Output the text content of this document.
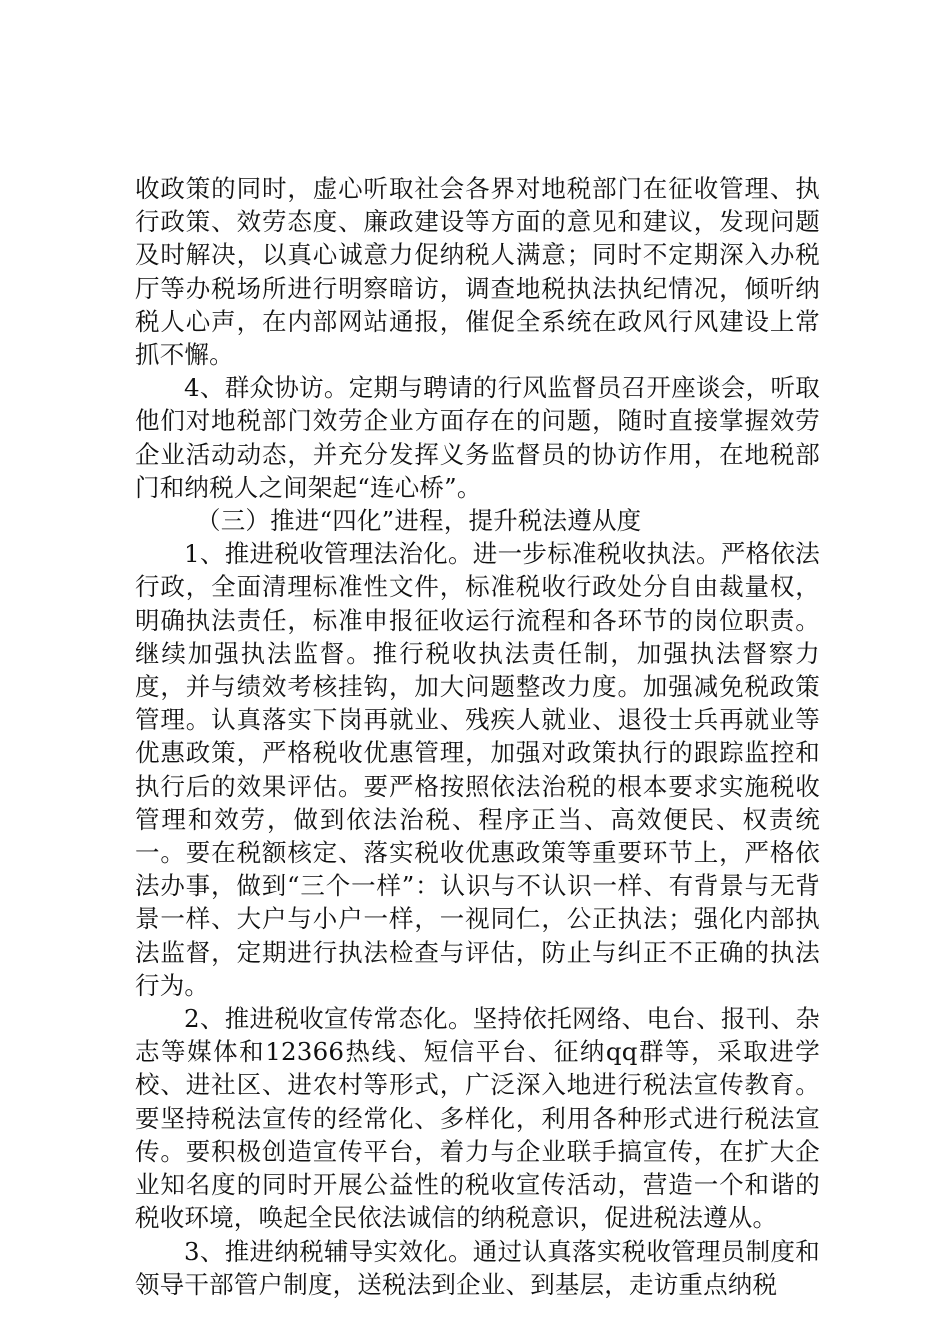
收政策的同时，虚心听取社会各界对地税部门在征收管理、执行政策、效劳态度、廉政建设等方面的意见和建议，发现问题及时解决，以真心诚意力促纳税人满意；同时不定期深入办税厅等办税场所进行明察暗访，调查地税执法执纪情况，倾听纳税人心声，在内部网站通报，催促全系统在政风行风建设上常抓不懈。

4、群众协访。定期与聘请的行风监督员召开座谈会，听取他们对地税部门效劳企业方面存在的问题，随时直接掌握效劳企业活动动态，并充分发挥义务监督员的协访作用，在地税部门和纳税人之间架起“连心桥”。

（三）推进“四化”进程，提升税法遵从度

1、推进税收管理法治化。进一步标准税收执法。严格依法行政，全面清理标准性文件，标准税收行政处分自由裁量权，明确执法责任，标准申报征收运行流程和各环节的岗位职责。继续加强执法监督。推行税收执法责任制，加强执法督察力度，并与绩效考核挂钩，加大问题整改力度。加强减免税政策管理。认真落实下岗再就业、残疾人就业、退役士兵再就业等优惠政策，严格税收优惠管理，加强对政策执行的跟踪监控和执行后的效果评估。要严格按照依法治税的根本要求实施税收管理和效劳，做到依法治税、程序正当、高效便民、权责统一。要在税额核定、落实税收优惠政策等重要环节上，严格依法办事，做到“三个一样”：认识与不认识一样、有背景与无背景一样、大户与小户一样，一视同仁，公正执法；强化内部执法监督，定期进行执法检查与评估，防止与纠正不正确的执法行为。

2、推进税收宣传常态化。坚持依托网络、电台、报刊、杂志等媒体和12366热线、短信平台、征纳qq群等，采取进学校、进社区、进农村等形式，广泛深入地进行税法宣传教育。要坚持税法宣传的经常化、多样化，利用各种形式进行税法宣传。要积极创造宣传平台，着力与企业联手搞宣传，在扩大企业知名度的同时开展公益性的税收宣传活动，营造一个和谐的税收环境，唤起全民依法诚信的纳税意识，促进税法遵从。

3、推进纳税辅导实效化。通过认真落实税收管理员制度和领导干部管户制度，送税法到企业、到基层，走访重点纳税
